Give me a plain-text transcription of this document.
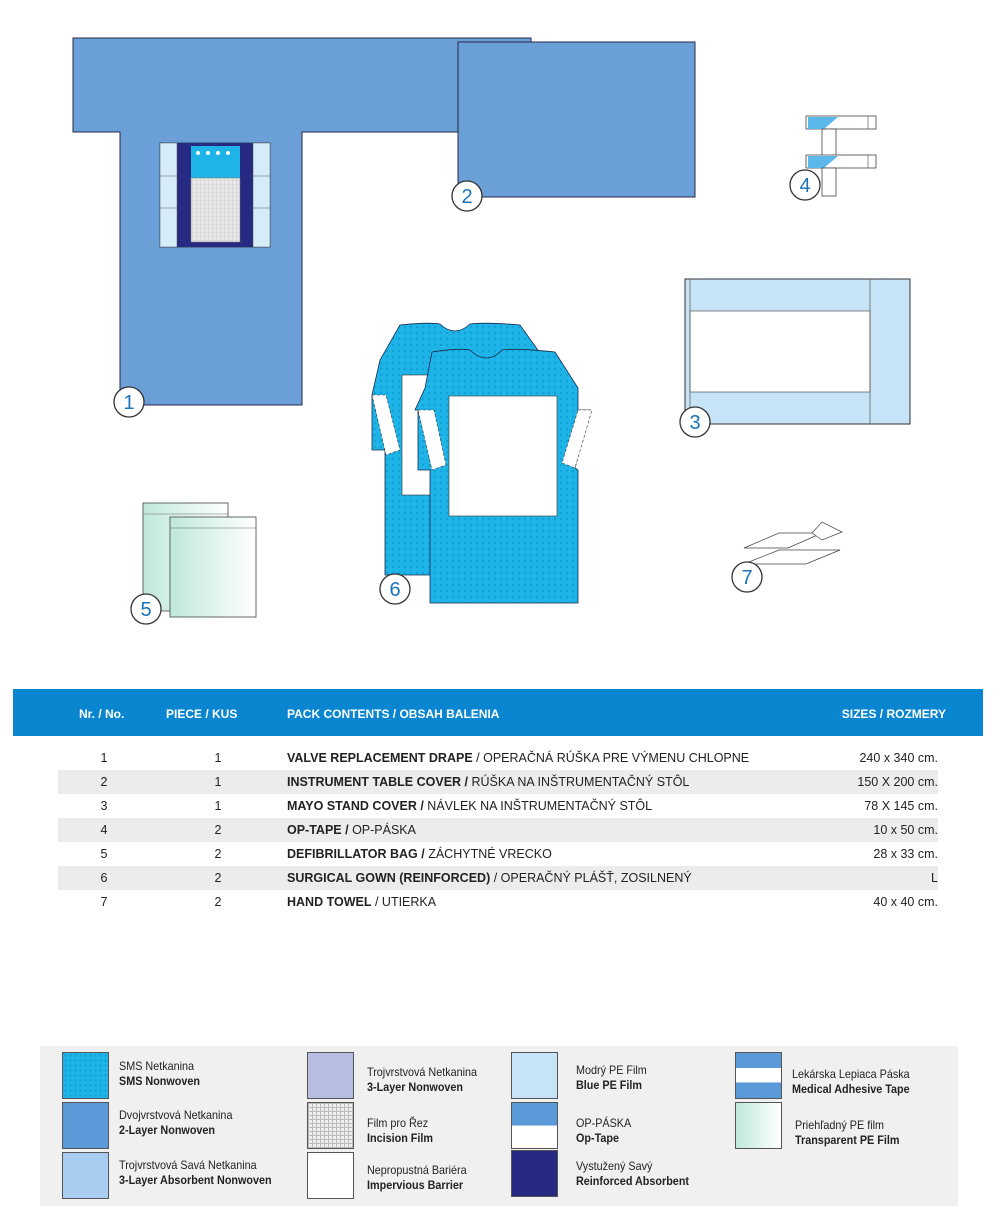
1
2	4
3
6
5
7
Nr. / No.	PIECE / KUS	PACK CONTENTS / OBSAH BALENIA	SIZES / ROZMERY
1	1	VALVE REPLACEMENT DRAPE / OPERAČNÁ RÚŠKA PRE VÝMENU CHLOPNE	240 x 340 cm.
2	1	INSTRUMENT TABLE COVER / RÚŠKA NA INŠTRUMENTAČNÝ STÔL	150 X 200 cm.
3	1	MAYO STAND COVER / NÁVLEK NA INŠTRUMENTAČNÝ STÔL	78 X 145 cm.
4	2	OP-TAPE / OP-PÁSKA	10 x 50 cm.
5	2	DEFIBRILLATOR BAG / ZÁCHYTNÉ VRECKO	28 x 33 cm.
6	2	SURGICAL GOWN (REINFORCED) / OPERAČNÝ PLÁŠŤ, ZOSILNENÝ	L
7	2	HAND TOWEL / UTIERKA	40 x 40 cm.
SMS Netkanina
SMS Nonwoven
Dvojvrstvová Netkanina
2-Layer Nonwoven
Trojvrstvová Savá Netkanina
3-Layer Absorbent Nonwoven
Trojvrstvová Netkanina
3-Layer Nonwoven
Film pro Řez
Incision Film
Nepropustná Bariéra
Impervious Barrier
Modrý PE Film
Blue PE Film
OP-PÁSKA
Op-Tape
Vystužený Savý
Reinforced Absorbent
Lekárska Lepiaca Páska
Medical Adhesive Tape
Priehľadný PE film
Transparent PE Film
